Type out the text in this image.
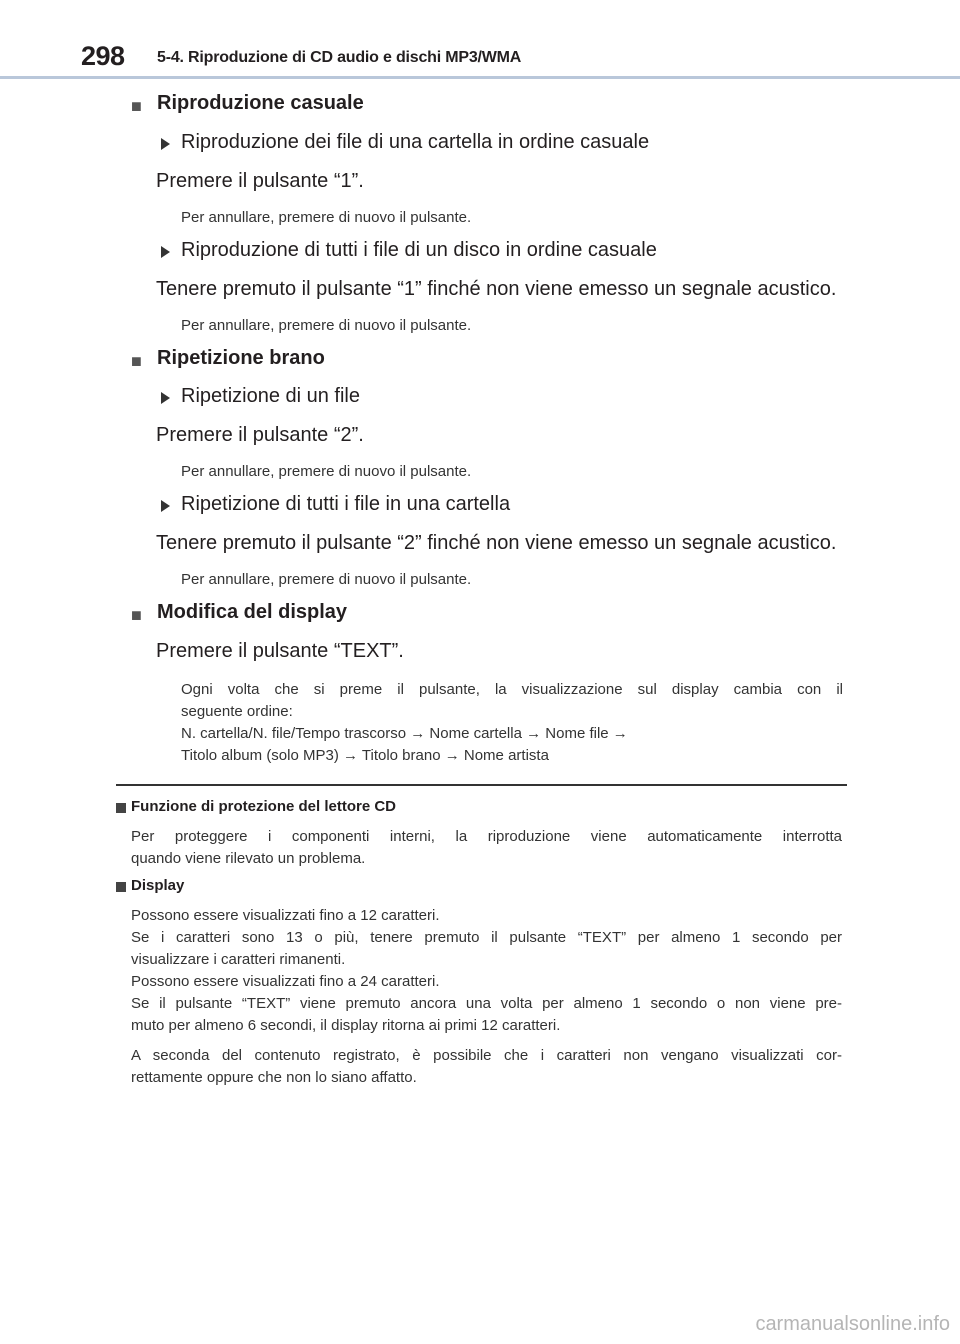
298 5-4. Riproduzione di CD audio e dischi MP3/WMA
■ Riproduzione casuale
Riproduzione dei file di una cartella in ordine casuale
Premere il pulsante “1”.
Per annullare, premere di nuovo il pulsante.
Riproduzione di tutti i file di un disco in ordine casuale
Tenere premuto il pulsante “1” finché non viene emesso un segnale acustico.
Per annullare, premere di nuovo il pulsante.
■ Ripetizione brano
Ripetizione di un file
Premere il pulsante “2”.
Per annullare, premere di nuovo il pulsante.
Ripetizione di tutti i file in una cartella
Tenere premuto il pulsante “2” finché non viene emesso un segnale acustico.
Per annullare, premere di nuovo il pulsante.
■ Modifica del display
Premere il pulsante “TEXT”.
Ogni volta che si preme il pulsante, la visualizzazione sul display cambia con il
seguente ordine:
N. cartella/N. file/Tempo trascorso → Nome cartella → Nome file →
Titolo album (solo MP3) → Titolo brano → Nome artista
Funzione di protezione del lettore CD
Per proteggere i componenti interni, la riproduzione viene automaticamente interrotta
quando viene rilevato un problema.
Display
Possono essere visualizzati fino a 12 caratteri.
Se i caratteri sono 13 o più, tenere premuto il pulsante “TEXT” per almeno 1 secondo per
visualizzare i caratteri rimanenti.
Possono essere visualizzati fino a 24 caratteri.
Se il pulsante “TEXT” viene premuto ancora una volta per almeno 1 secondo o non viene pre-
muto per almeno 6 secondi, il display ritorna ai primi 12 caratteri.
A seconda del contenuto registrato, è possibile che i caratteri non vengano visualizzati cor-
rettamente oppure che non lo siano affatto.
carmanualsonline.info
